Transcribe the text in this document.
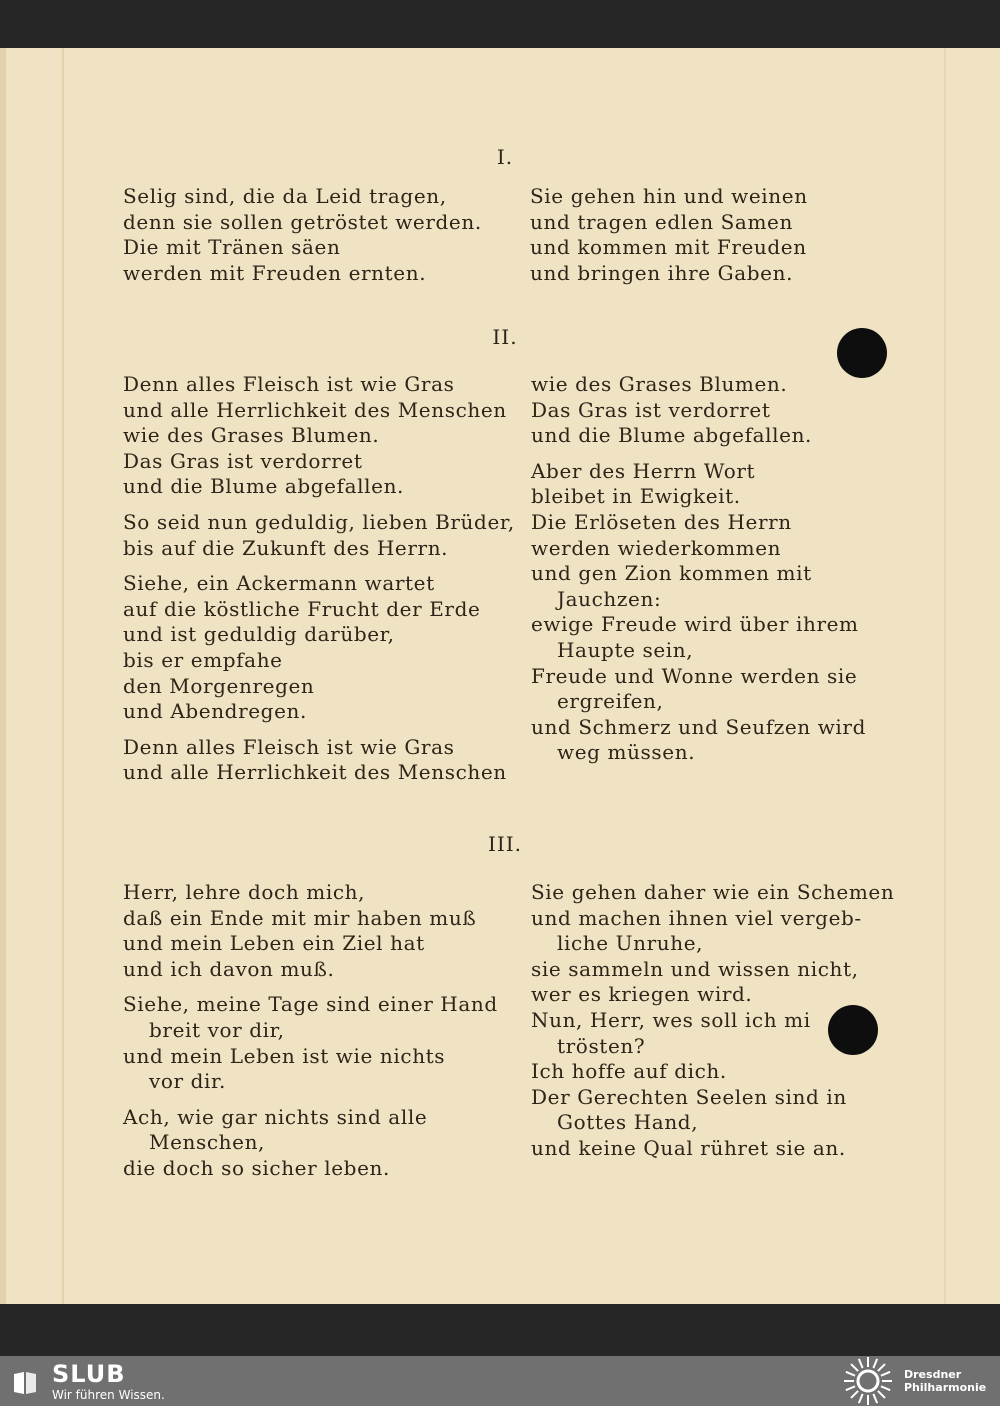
I.
Selig sind, die da Leid tragen,
denn sie sollen getröstet werden.
Die mit Tränen säen
werden mit Freuden ernten.
Sie gehen hin und weinen
und tragen edlen Samen
und kommen mit Freuden
und bringen ihre Gaben.
II.
Denn alles Fleisch ist wie Gras
und alle Herrlichkeit des Menschen
wie des Grases Blumen.
Das Gras ist verdorret
und die Blume abgefallen.
So seid nun geduldig, lieben Brüder,
bis auf die Zukunft des Herrn.
Siehe, ein Ackermann wartet
auf die köstliche Frucht der Erde
und ist geduldig darüber,
bis er empfahe
den Morgenregen
und Abendregen.
Denn alles Fleisch ist wie Gras
und alle Herrlichkeit des Menschen
wie des Grases Blumen.
Das Gras ist verdorret
und die Blume abgefallen.
Aber des Herrn Wort
bleibet in Ewigkeit.
Die Erlöseten des Herrn
werden wiederkommen
und gen Zion kommen mit
Jauchzen:
ewige Freude wird über ihrem
Haupte sein,
Freude und Wonne werden sie
ergreifen,
und Schmerz und Seufzen wird
weg müssen.
III.
Herr, lehre doch mich,
daß ein Ende mit mir haben muß
und mein Leben ein Ziel hat
und ich davon muß.
Siehe, meine Tage sind einer Hand
breit vor dir,
und mein Leben ist wie nichts
vor dir.
Ach, wie gar nichts sind alle
Menschen,
die doch so sicher leben.
Sie gehen daher wie ein Schemen
und machen ihnen viel vergeb-
liche Unruhe,
sie sammeln und wissen nicht,
wer es kriegen wird.
Nun, Herr, wes soll ich mi
trösten?
Ich hoffe auf dich.
Der Gerechten Seelen sind in
Gottes Hand,
und keine Qual rühret sie an.
SLUB
Wir führen Wissen.
Dresdner
Philharmonie
